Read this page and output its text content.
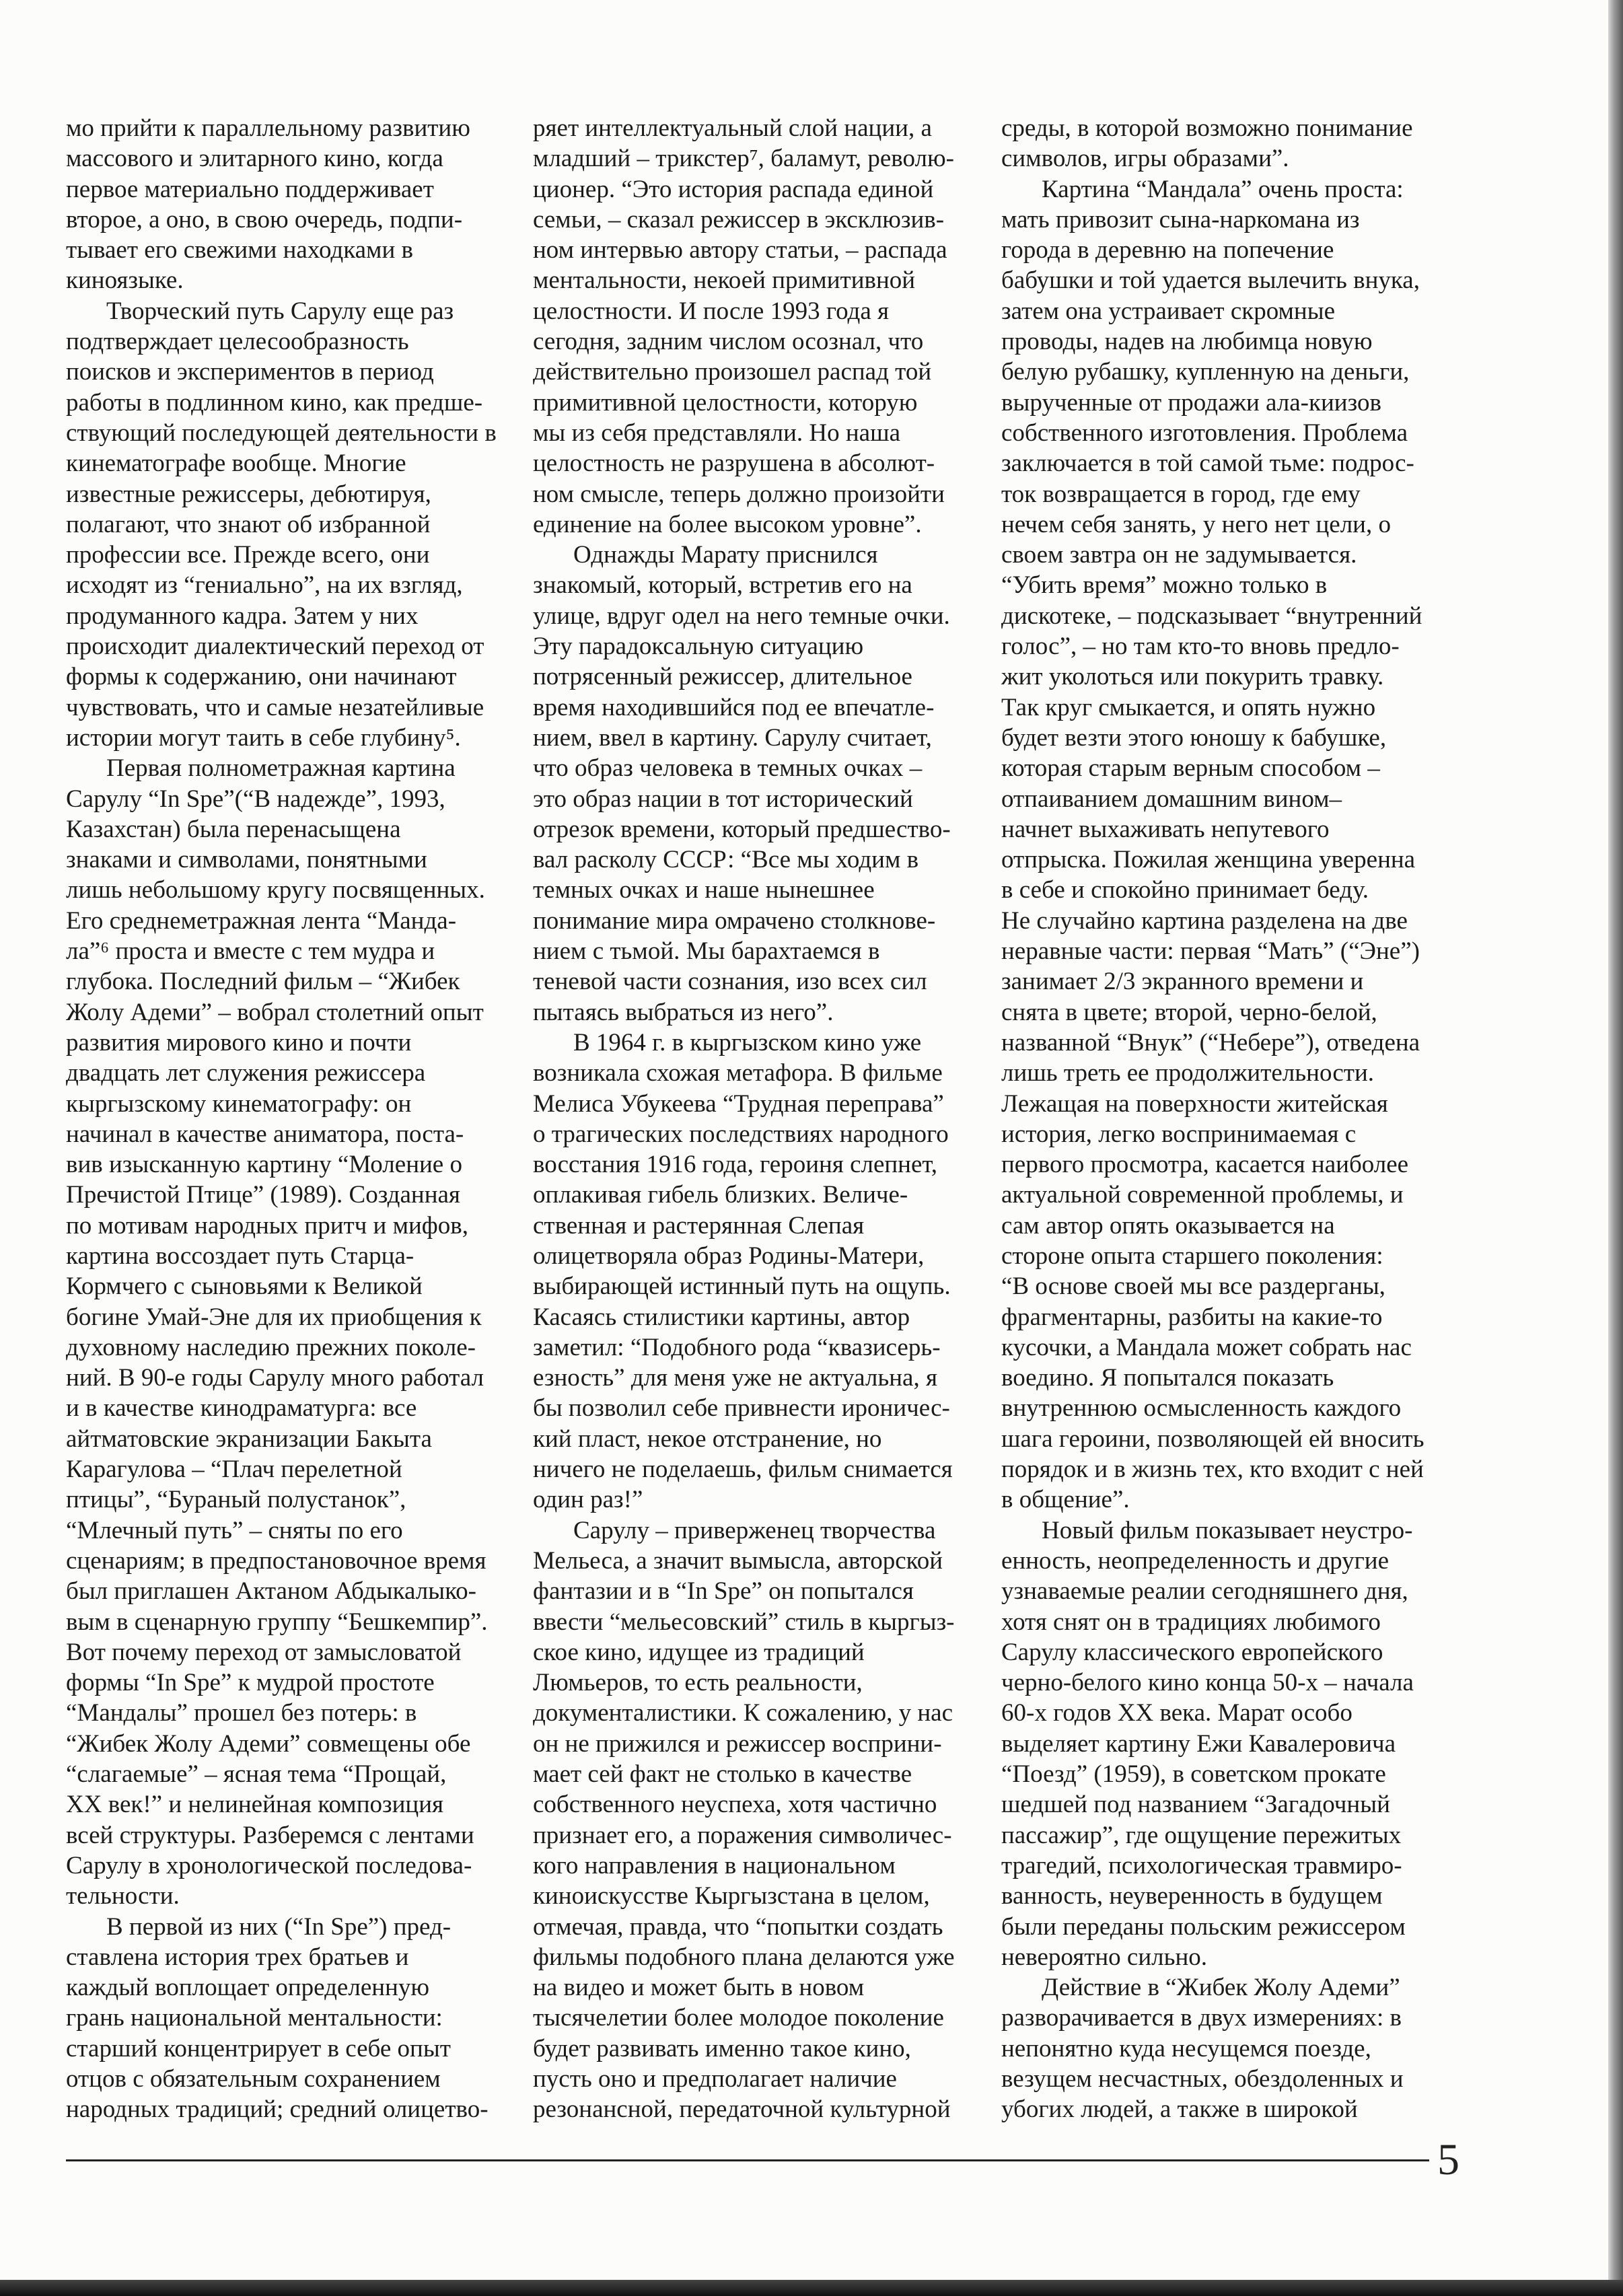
мо прийти к параллельному развитию
массового и элитарного кино, когда
первое материально поддерживает
второе, а оно, в свою очередь, подпи-
тывает его свежими находками в
киноязыке.
Творческий путь Сарулу еще раз
подтверждает целесообразность
поисков и экспериментов в период
работы в подлинном кино, как предше-
ствующий последующей деятельности в
кинематографе вообще. Многие
известные режиссеры, дебютируя,
полагают, что знают об избранной
профессии все. Прежде всего, они
исходят из “гениально”, на их взгляд,
продуманного кадра. Затем у них
происходит диалектический переход от
формы к содержанию, они начинают
чувствовать, что и самые незатейливые
истории могут таить в себе глубину⁵.
Первая полнометражная картина
Сарулу “In Spe”(“В надежде”, 1993,
Казахстан) была перенасыщена
знаками и символами, понятными
лишь небольшому кругу посвященных.
Его среднеметражная лента “Манда-
ла”⁶ проста и вместе с тем мудра и
глубока. Последний фильм – “Жибек
Жолу Адеми” – вобрал столетний опыт
развития мирового кино и почти
двадцать лет служения режиссера
кыргызскому кинематографу: он
начинал в качестве аниматора, поста-
вив изысканную картину “Моление о
Пречистой Птице” (1989). Созданная
по мотивам народных притч и мифов,
картина воссоздает путь Старца-
Кормчего с сыновьями к Великой
богине Умай-Эне для их приобщения к
духовному наследию прежних поколе-
ний. В 90-е годы Сарулу много работал
и в качестве кинодраматурга: все
айтматовские экранизации Бакыта
Карагулова – “Плач перелетной
птицы”, “Бураный полустанок”,
“Млечный путь” – сняты по его
сценариям; в предпостановочное время
был приглашен Актаном Абдыкалыко-
вым в сценарную группу “Бешкемпир”.
Вот почему переход от замысловатой
формы “In Spe” к мудрой простоте
“Мандалы” прошел без потерь: в
“Жибек Жолу Адеми” совмещены обе
“слагаемые” – ясная тема “Прощай,
XX век!” и нелинейная композиция
всей структуры. Разберемся с лентами
Сарулу в хронологической последова-
тельности.
В первой из них (“In Spe”) пред-
ставлена история трех братьев и
каждый воплощает определенную
грань национальной ментальности:
старший концентрирует в себе опыт
отцов с обязательным сохранением
народных традиций; средний олицетво-
ряет интеллектуальный слой нации, а
младший – трикстер⁷, баламут, револю-
ционер. “Это история распада единой
семьи, – сказал режиссер в эксклюзив-
ном интервью автору статьи, – распада
ментальности, некоей примитивной
целостности. И после 1993 года я
сегодня, задним числом осознал, что
действительно произошел распад той
примитивной целостности, которую
мы из себя представляли. Но наша
целостность не разрушена в абсолют-
ном смысле, теперь должно произойти
единение на более высоком уровне”.
Однажды Марату приснился
знакомый, который, встретив его на
улице, вдруг одел на него темные очки.
Эту парадоксальную ситуацию
потрясенный режиссер, длительное
время находившийся под ее впечатле-
нием, ввел в картину. Сарулу считает,
что образ человека в темных очках –
это образ нации в тот исторический
отрезок времени, который предшество-
вал расколу СССР: “Все мы ходим в
темных очках и наше нынешнее
понимание мира омрачено столкнове-
нием с тьмой. Мы барахтаемся в
теневой части сознания, изо всех сил
пытаясь выбраться из него”.
В 1964 г. в кыргызском кино уже
возникала схожая метафора. В фильме
Мелиса Убукеева “Трудная переправа”
о трагических последствиях народного
восстания 1916 года, героиня слепнет,
оплакивая гибель близких. Величе-
ственная и растерянная Слепая
олицетворяла образ Родины-Матери,
выбирающей истинный путь на ощупь.
Касаясь стилистики картины, автор
заметил: “Подобного рода “квазисерь-
езность” для меня уже не актуальна, я
бы позволил себе привнести ироничес-
кий пласт, некое отстранение, но
ничего не поделаешь, фильм снимается
один раз!”
Сарулу – приверженец творчества
Мельеса, а значит вымысла, авторской
фантазии и в “In Spe” он попытался
ввести “мельесовский” стиль в кыргыз-
ское кино, идущее из традиций
Люмьеров, то есть реальности,
документалистики. К сожалению, у нас
он не прижился и режиссер восприни-
мает сей факт не столько в качестве
собственного неуспеха, хотя частично
признает его, а поражения символичес-
кого направления в национальном
киноискусстве Кыргызстана в целом,
отмечая, правда, что “попытки создать
фильмы подобного плана делаются уже
на видео и может быть в новом
тысячелетии более молодое поколение
будет развивать именно такое кино,
пусть оно и предполагает наличие
резонансной, передаточной культурной
среды, в которой возможно понимание
символов, игры образами”.
Картина “Мандала” очень проста:
мать привозит сына-наркомана из
города в деревню на попечение
бабушки и той удается вылечить внука,
затем она устраивает скромные
проводы, надев на любимца новую
белую рубашку, купленную на деньги,
вырученные от продажи ала-киизов
собственного изготовления. Проблема
заключается в той самой тьме: подрос-
ток возвращается в город, где ему
нечем себя занять, у него нет цели, о
своем завтра он не задумывается.
“Убить время” можно только в
дискотеке, – подсказывает “внутренний
голос”, – но там кто-то вновь предло-
жит уколоться или покурить травку.
Так круг смыкается, и опять нужно
будет везти этого юношу к бабушке,
которая старым верным способом –
отпаиванием домашним вином–
начнет выхаживать непутевого
отпрыска. Пожилая женщина уверенна
в себе и спокойно принимает беду.
Не случайно картина разделена на две
неравные части: первая “Мать” (“Эне”)
занимает 2/3 экранного времени и
снята в цвете; второй, черно-белой,
названной “Внук” (“Небере”), отведена
лишь треть ее продолжительности.
Лежащая на поверхности житейская
история, легко воспринимаемая с
первого просмотра, касается наиболее
актуальной современной проблемы, и
сам автор опять оказывается на
стороне опыта старшего поколения:
“В основе своей мы все раздерганы,
фрагментарны, разбиты на какие-то
кусочки, а Мандала может собрать нас
воедино. Я попытался показать
внутреннюю осмысленность каждого
шага героини, позволяющей ей вносить
порядок и в жизнь тех, кто входит с ней
в общение”.
Новый фильм показывает неустро-
енность, неопределенность и другие
узнаваемые реалии сегодняшнего дня,
хотя снят он в традициях любимого
Сарулу классического европейского
черно-белого кино конца 50-х – начала
60-х годов XX века. Марат особо
выделяет картину Ежи Кавалеровича
“Поезд” (1959), в советском прокате
шедшей под названием “Загадочный
пассажир”, где ощущение пережитых
трагедий, психологическая травмиро-
ванность, неуверенность в будущем
были переданы польским режиссером
невероятно сильно.
Действие в “Жибек Жолу Адеми”
разворачивается в двух измерениях: в
непонятно куда несущемся поезде,
везущем несчастных, обездоленных и
убогих людей, а также в широкой
5
